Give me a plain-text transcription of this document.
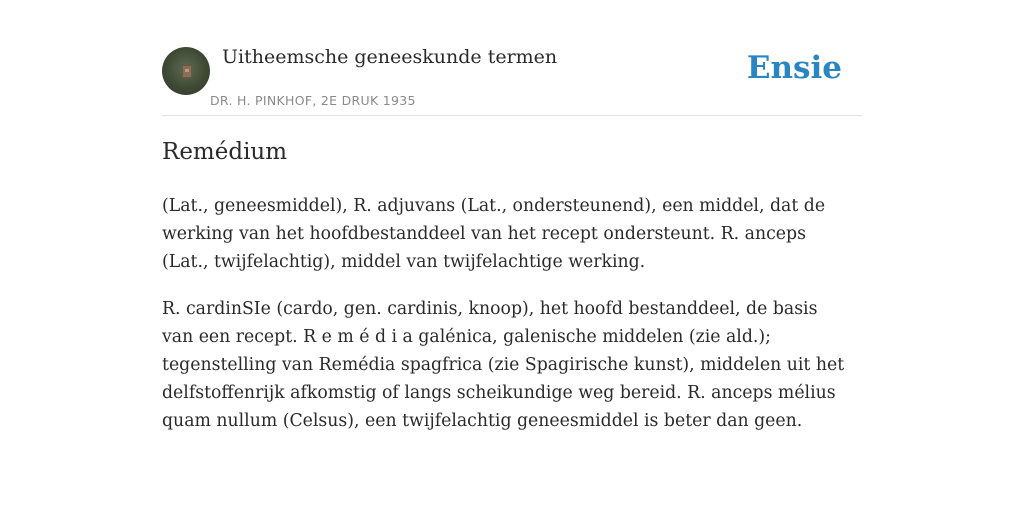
Uitheemsche geneeskunde termen
DR. H. PINKHOF, 2E DRUK 1935
Ensie
Remédium

(Lat., geneesmiddel), R. adjuvans (Lat., ondersteunend), een middel, dat de werking van het hoofdbestanddeel van het recept ondersteunt. R. anceps (Lat., twijfelachtig), middel van twijfelachtige werking.

R. cardinSIe (cardo, gen. cardinis, knoop), het hoofd bestanddeel, de basis van een recept. R e m é d i a galénica, galenische middelen (zie ald.); tegenstelling van Remédia spagfrica (zie Spagirische kunst), middelen uit het delfstoffenrijk afkomstig of langs scheikundige weg bereid. R. anceps mélius quam nullum (Celsus), een twijfelachtig geneesmiddel is beter dan geen.
